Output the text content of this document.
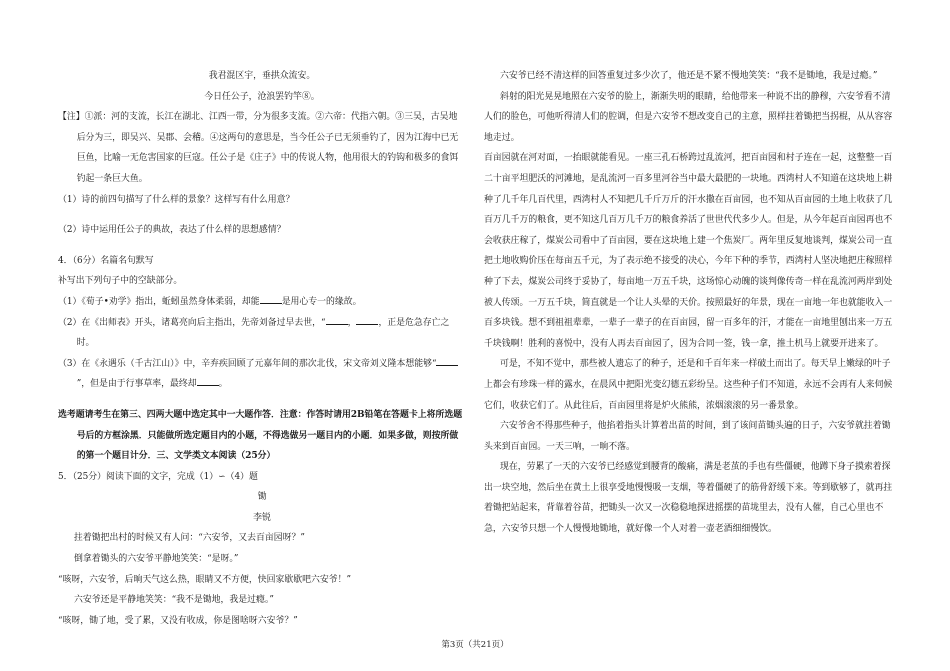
我君混区宇，垂拱众流安。

今日任公子，沧浪罢钓竿⑧。

【注】①派：河的支流，长江在湖北、江西一带，分为很多支流。②六帝：代指六朝。③三吴，古吴地后分为三，即吴兴、吴郡、会稽。④这两句的意思是，当今任公子已无须垂钓了，因为江海中已无巨鱼，比喻一无危害国家的巨寇。任公子是《庄子》中的传说人物，他用很大的钓钩和极多的食饵钓起一条巨大鱼。

（1）诗的前四句描写了什么样的景象？这样写有什么用意？

（2）诗中运用任公子的典故，表达了什么样的思想感情？

4．（6分）名篇名句默写

补写出下列句子中的空缺部分。

（1）《荀子•劝学》指出，蚯蚓虽然身体柔弱，却能 是用心专一的缘故。

（2）在《出师表》开头，诸葛亮向后主指出，先帝刘备过早去世，“ ， ，正是危急存亡之时。

（3）在《永遇乐（千古江山）》中，辛弃疾回顾了元嘉年间的那次北伐，宋文帝刘义隆本想能够“”，但是由于行事草率，最终却 。

选考题请考生在第三、四两大题中选定其中一大题作答．注意：作答时请用2B铅笔在答题卡上将所选题号后的方框涂黑．只能做所选定题目内的小题，不得选做另一题目内的小题．如果多做，则按所做的第一个题目计分．三、文学类文本阅读（25分）

5．（25分）阅读下面的文字，完成（1）∽（4）题

锄

李锐

拄着锄把出村的时候又有人问：“六安爷，又去百亩园呀？”

倒拿着锄头的六安爷平静地笑笑：“是呀。”

“咳呀，六安爷，后晌天气这么热，眼睛又不方便，快回家歇歇吧六安爷！”

六安爷还是平静地笑笑：“我不是锄地，我是过瘾。”

“咳呀，锄了地，受了累，又没有收成，你是图啥呀六安爷？”

六安爷已经不清这样的回答重复过多少次了，他还是不紧不慢地笑笑：“我不是锄地，我是过瘾。”

斜射的阳光晃晃地照在六安爷的脸上，渐渐失明的眼睛，给他带来一种说不出的静穆，六安爷看不清人们的脸色，可他听得清人们的腔调，但是六安爷不想改变自己的主意，照样拄着锄把当拐棍，从从容容地走过。

百亩园就在河对面，一抬眼就能看见。一座三孔石桥跨过乱流河，把百亩园和村子连在一起，这整整一百二十亩平坦肥沃的河滩地，是乱流河一百多里河谷当中最大最肥的一块地。西湾村人不知道在这块地上耕种了几千年几百代里，西湾村人不知把几千斤万斤的汗水撒在百亩园，也不知从百亩园的土地上收获了几百万几千万的粮食，更不知这几百万几千万的粮食养活了世世代代多少人。但是，从今年起百亩园再也不会收获庄稼了，煤炭公司看中了百亩园，要在这块地上建一个焦炭厂。两年里反复地谈判，煤炭公司一直把土地收购价压在每亩五千元，为了表示绝不接受的决心，今年下种的季节，西湾村人坚决地把庄稼照样种了下去，煤炭公司终于妥协了，每亩地一万五千块，这场惊心动魄的谈判像传奇一样在乱流河两岸到处被人传颂。一万五千块，简直就是一个让人头晕的天价。按照最好的年景，现在一亩地一年也就能收入一百多块钱。想不到祖祖辈辈，一辈子一辈子的在百亩园，留一百多年的汗，才能在一亩地里刨出来一万五千块钱啊！胜利的喜悦中，没有人再去百亩园了，因为合同一签，钱一拿，推土机马上就要开进来了。

可是，不知不觉中，那些被人遗忘了的种子，还是和千百年来一样破土而出了。每天早上嫩绿的叶子上都会有珍珠一样的露水，在晨风中把阳光变幻德五彩纷呈。这些种子们不知道，永远不会再有人来伺候它们，收获它们了。从此往后，百亩园里将是炉火熊熊，浓烟滚滚的另一番景象。

六安爷舍不得那些种子，他掐着指头计算着出苗的时间，到了该间苗锄头遍的日子，六安爷就拄着锄头来到百亩园。一天三响，一晌不落。

现在，劳累了一天的六安爷已经感觉到腰背的酸痛，满是老茧的手也有些僵硬，他蹲下身子摸索着探出一块空地，然后坐在黄土上很享受地慢慢吸一支烟，等着僵硬了的筋骨舒缓下来。等到歇够了，就再拄着锄把站起来，背靠着谷苗，把锄头一次又一次稳稳地探进摇摆的苗垅里去，没有人催，自己心里也不急，六安爷只想一个人慢慢地锄地，就好像一个人对着一壶老酒细细慢饮。

第3页（共21页）
